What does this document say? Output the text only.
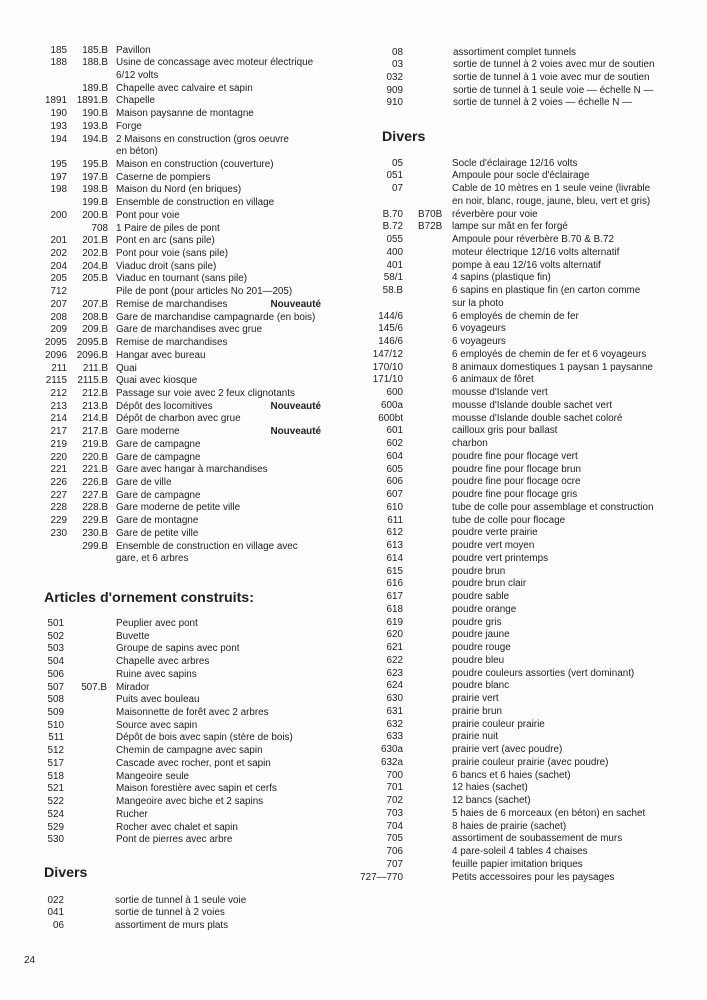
185 185.B Pavillon
188 188.B Usine de concassage avec moteur électrique
6/12 volts
189.B Chapelle avec calvaire et sapin
1891 1891.B Chapelle
190 190.B Maison paysanne de montagne
193 193.B Forge
194 194.B 2 Maisons en construction (gros oeuvre
en béton)
195 195.B Maison en construction (couverture)
197 197.B Caserne de pompiers
198 198.B Maison du Nord (en briques)
199.B Ensemble de construction en village
200 200.B Pont pour voie
708 1 Paire de piles de pont
201 201.B Pont en arc (sans pile)
202 202.B Pont pour voie (sans pile)
204 204.B Viaduc droit (sans pile)
205 205.B Viaduc en tournant (sans pile)
712	Pile de pont (pour articles No 201—205)
207 207.B Remise de marchandises	Nouveauté
208 208.B Gare de marchandise campagnarde (en bois)
209 209.B Gare de marchandises avec grue
2095 2095.B Remise de marchandises
2096 2096.B Hangar avec bureau
211 211.B Quai
2115 2115.B Quai avec kiosque
212 212.B Passage sur voie avec 2 feux clignotants
213 213.B Dépôt des locomitives	Nouveauté
214 214.B Dépôt de charbon avec grue
217 217.B Gare moderne	Nouveauté
219 219.B Gare de campagne
220 220.B Gare de campagne
221 221.B Gare avec hangar à marchandises
226 226.B Gare de ville
227 227.B Gare de campagne
228 228.B Gare moderne de petite ville
229 229.B Gare de montagne
230 230.B Gare de petite ville
299.B Ensemble de construction en village avec
gare, et 6 arbres
Articles d'ornement construits:
501	Peuplier avec pont
502	Buvette
503	Groupe de sapins avec pont
504	Chapelle avec arbres
506	Ruine avec sapins
507 507.B Mirador
508	Puits avec bouleau
509	Maisonnette de forêt avec 2 arbres
510	Source avec sapin
511	Dépôt de bois avec sapin (stère de bois)
512	Chemin de campagne avec sapin
517	Cascade avec rocher, pont et sapin
518	Mangeoire seule
521	Maison forestière avec sapin et cerfs
522	Mangeoire avec biche et 2 sapins
524	Rucher
529	Rocher avec chalet et sapin
530	Pont de pierres avec arbre
Divers
022	sortie de tunnel à 1 seule voie
041	sortie de tunnel à 2 voies
06	assortiment de murs plats
08	assortiment complet tunnels
03	sortie de tunnel à 2 voies avec mur de soutien
032	sortie de tunnel à 1 voie avec mur de soutien
909	sortie de tunnel à 1 seule voie — échelle N —
910	sortie de tunnel à 2 voies — échelle N —
Divers
05	Socle d'éclairage 12/16 volts
051	Ampoule pour socle d'éclairage
07	Cable de 10 mètres en 1 seule veine (livrable
en noir, blanc, rouge, jaune, bleu, vert et gris)
B.70 B70B réverbère pour voie
B.72 B72B lampe sur mât en fer forgé
055	Ampoule pour réverbère B.70 & B.72
400	moteur électrique 12/16 volts alternatif
401	pompe à eau 12/16 volts alternatif
58/1	4 sapins (plastique fin)
58.B	6 sapins en plastique fin (en carton comme
sur la photo
144/6	6 employés de chemin de fer
145/6	6 voyageurs
146/6	6 voyageurs
147/12	6 employés de chemin de fer et 6 voyageurs
170/10	8 animaux domestiques 1 paysan 1 paysanne
171/10	6 animaux de fôret
600	mousse d'Islande vert
600a	mousse d'Islande double sachet vert
600bt	mousse d'Islande double sachet coloré
601	cailloux gris pour ballast
602	charbon
604	poudre fine pour flocage vert
605	poudre fine pour flocage brun
606	poudre fine pour flocage ocre
607	poudre fine pour flocage gris
610	tube de colle pour assemblage et construction
611	tube de colle pour flocage
612	poudre verte prairie
613	poudre vert moyen
614	poudre vert printemps
615	poudre brun
616	poudre brun clair
617	poudre sable
618	poudre orange
619	poudre gris
620	poudre jaune
621	poudre rouge
622	poudre bleu
623	poudre couleurs assorties (vert dominant)
624	poudre blanc
630	prairie vert
631	prairie brun
632	prairie couleur prairie
633	prairie nuit
630a	prairie vert (avec poudre)
632a	prairie couleur prairie (avec poudre)
700	6 bancs et 6 haies (sachet)
701	12 haies (sachet)
702	12 bancs (sachet)
703	5 haies de 6 morceaux (en béton) en sachet
704	8 haies de prairie (sachet)
705	assortiment de soubassement de murs
706	4 pare-soleil 4 tables 4 chaises
707	feuille papier imitation briques
727—770	Petits accessoires pour les paysages
24
